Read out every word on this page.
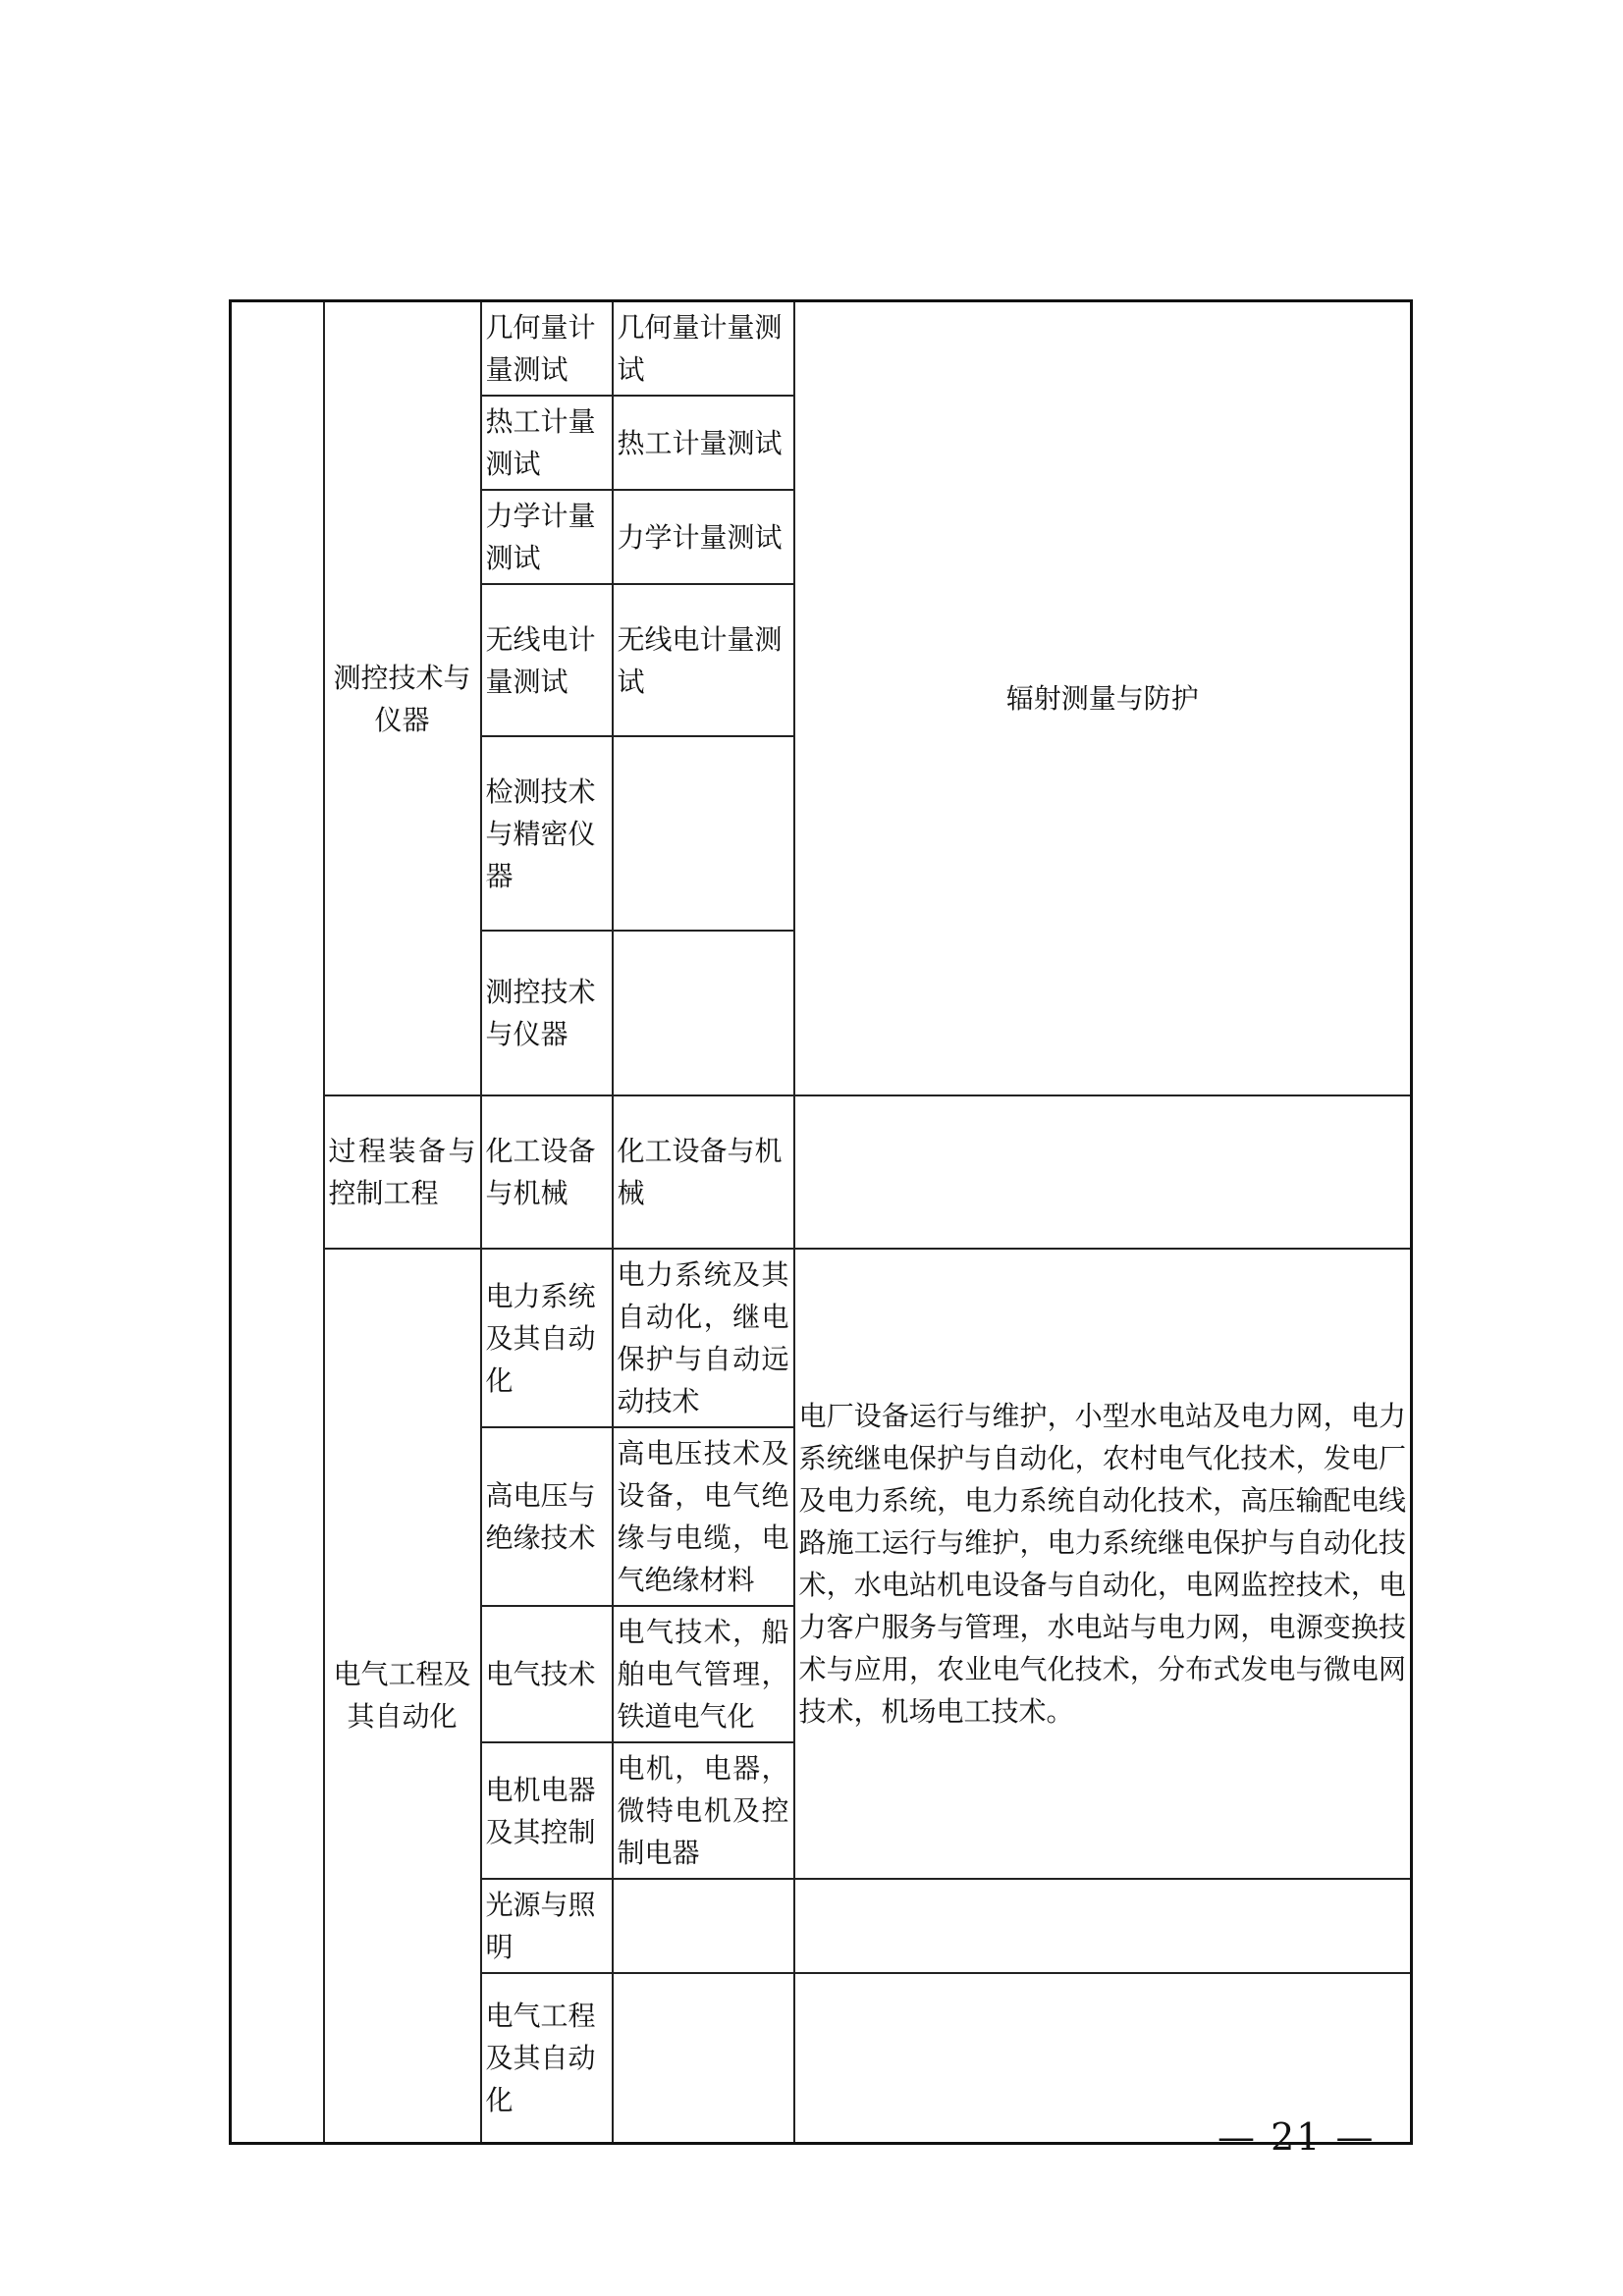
	测控技术与仪器	几何量计量测试	几何量计量测试	辐射测量与防护
		热工计量测试	热工计量测试	
		力学计量测试	力学计量测试	
		无线电计量测试	无线电计量测试	
		检测技术与精密仪器		
		测控技术与仪器		
	过程装备与控制工程	化工设备与机械	化工设备与机械	
	电气工程及其自动化	电力系统及其自动化	电力系统及其自动化，继电保护与自动远动技术	电厂设备运行与维护，小型水电站及电力网，电力系统继电保护与自动化，农村电气化技术，发电厂及电力系统，电力系统自动化技术，高压输配电线路施工运行与维护，电力系统继电保护与自动化技术，水电站机电设备与自动化，电网监控技术，电力客户服务与管理，水电站与电力网，电源变换技术与应用，农业电气化技术，分布式发电与微电网技术，机场电工技术。
		高电压与绝缘技术	高电压技术及设备，电气绝缘与电缆，电气绝缘材料	
		电气技术	电气技术，船舶电气管理，铁道电气化	
		电机电器及其控制	电机，电器，微特电机及控制电器	
		光源与照明		
		电气工程及其自动化		
— 21 —
